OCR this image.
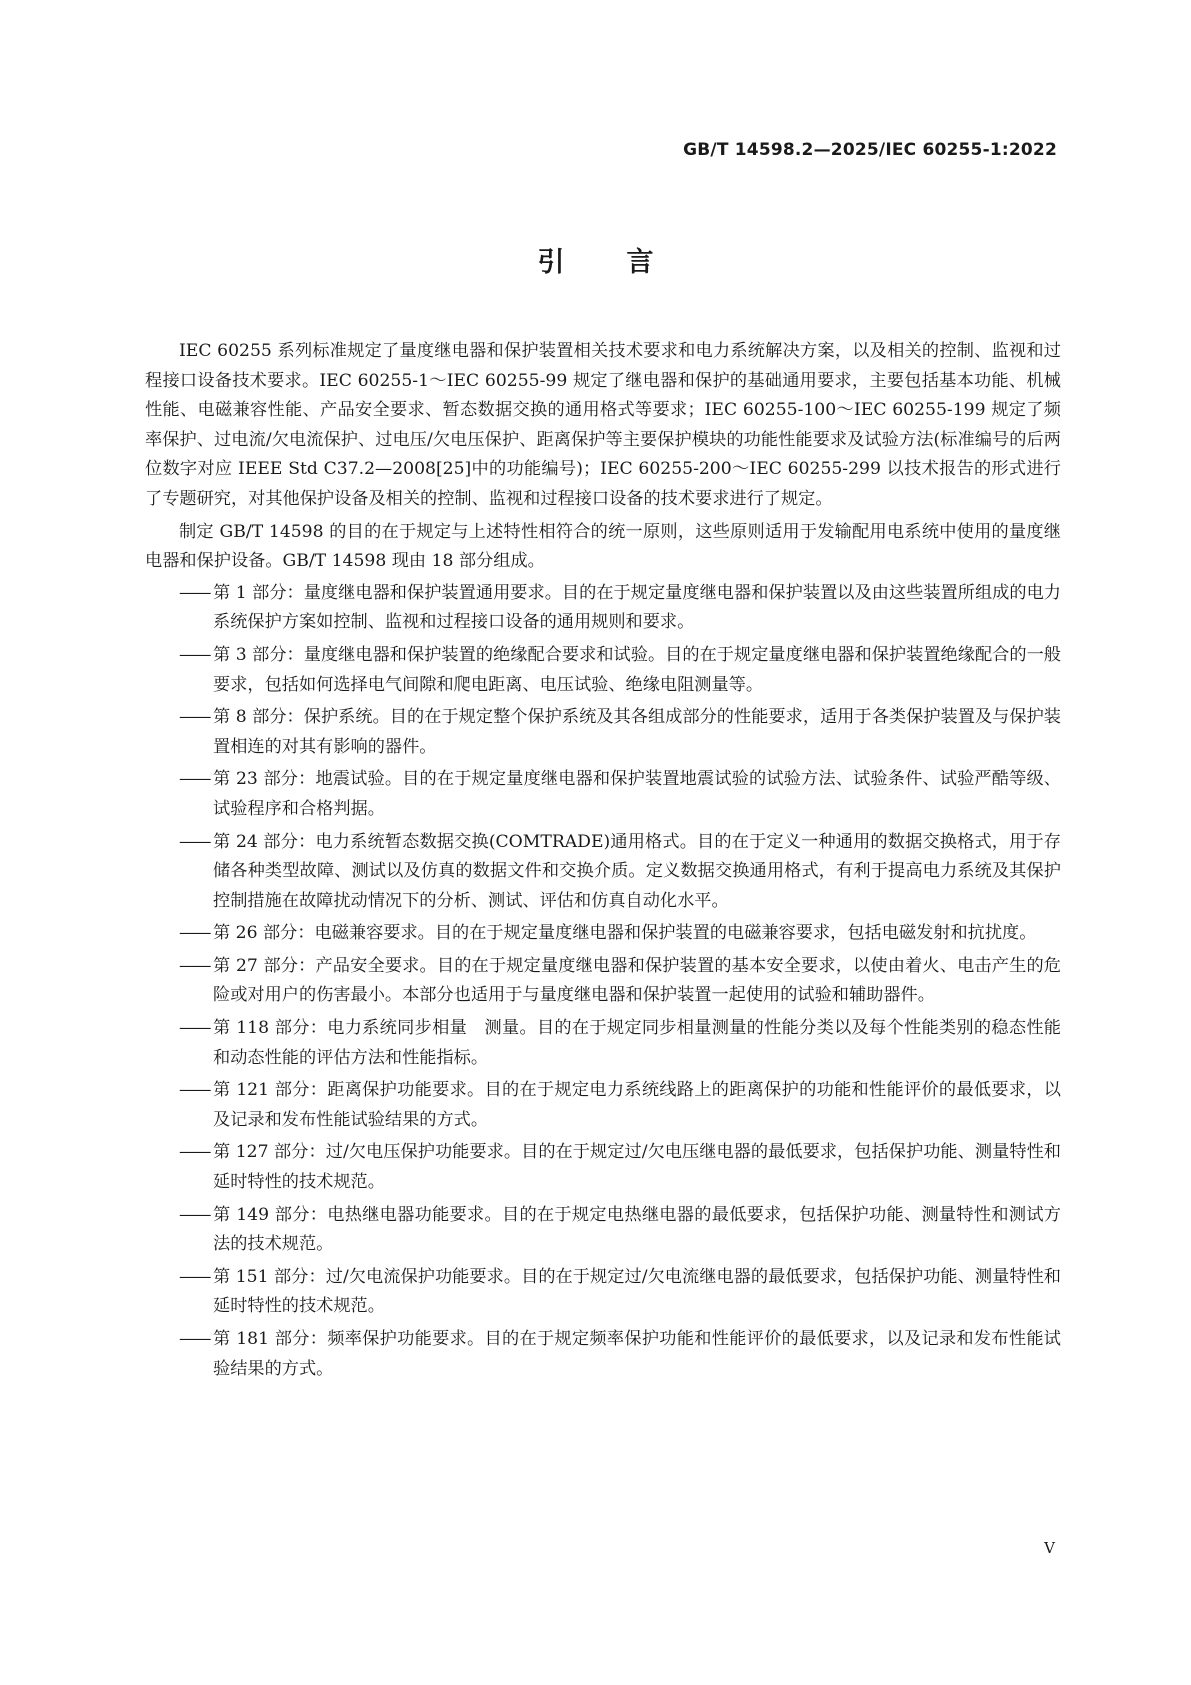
GB/T 14598.2—2025/IEC 60255-1:2022
引言

IEC 60255 系列标准规定了量度继电器和保护装置相关技术要求和电力系统解决方案，以及相关的控制、监视和过程接口设备技术要求。IEC 60255-1～IEC 60255-99 规定了继电器和保护的基础通用要求，主要包括基本功能、机械性能、电磁兼容性能、产品安全要求、暂态数据交换的通用格式等要求；IEC 60255-100～IEC 60255-199 规定了频率保护、过电流/欠电流保护、过电压/欠电压保护、距离保护等主要保护模块的功能性能要求及试验方法(标准编号的后两位数字对应 IEEE Std C37.2—2008[25]中的功能编号)；IEC 60255-200～IEC 60255-299 以技术报告的形式进行了专题研究，对其他保护设备及相关的控制、监视和过程接口设备的技术要求进行了规定。

制定 GB/T 14598 的目的在于规定与上述特性相符合的统一原则，这些原则适用于发输配用电系统中使用的量度继电器和保护设备。GB/T 14598 现由 18 部分组成。

—— 第 1 部分：量度继电器和保护装置通用要求。目的在于规定量度继电器和保护装置以及由这些装置所组成的电力系统保护方案如控制、监视和过程接口设备的通用规则和要求。
—— 第 3 部分：量度继电器和保护装置的绝缘配合要求和试验。目的在于规定量度继电器和保护装置绝缘配合的一般要求，包括如何选择电气间隙和爬电距离、电压试验、绝缘电阻测量等。
—— 第 8 部分：保护系统。目的在于规定整个保护系统及其各组成部分的性能要求，适用于各类保护装置及与保护装置相连的对其有影响的器件。
—— 第 23 部分：地震试验。目的在于规定量度继电器和保护装置地震试验的试验方法、试验条件、试验严酷等级、试验程序和合格判据。
—— 第 24 部分：电力系统暂态数据交换(COMTRADE)通用格式。目的在于定义一种通用的数据交换格式，用于存储各种类型故障、测试以及仿真的数据文件和交换介质。定义数据交换通用格式，有利于提高电力系统及其保护控制措施在故障扰动情况下的分析、测试、评估和仿真自动化水平。
—— 第 26 部分：电磁兼容要求。目的在于规定量度继电器和保护装置的电磁兼容要求，包括电磁发射和抗扰度。
—— 第 27 部分：产品安全要求。目的在于规定量度继电器和保护装置的基本安全要求，以使由着火、电击产生的危险或对用户的伤害最小。本部分也适用于与量度继电器和保护装置一起使用的试验和辅助器件。
—— 第 118 部分：电力系统同步相量　测量。目的在于规定同步相量测量的性能分类以及每个性能类别的稳态性能和动态性能的评估方法和性能指标。
—— 第 121 部分：距离保护功能要求。目的在于规定电力系统线路上的距离保护的功能和性能评价的最低要求，以及记录和发布性能试验结果的方式。
—— 第 127 部分：过/欠电压保护功能要求。目的在于规定过/欠电压继电器的最低要求，包括保护功能、测量特性和延时特性的技术规范。
—— 第 149 部分：电热继电器功能要求。目的在于规定电热继电器的最低要求，包括保护功能、测量特性和测试方法的技术规范。
—— 第 151 部分：过/欠电流保护功能要求。目的在于规定过/欠电流继电器的最低要求，包括保护功能、测量特性和延时特性的技术规范。
—— 第 181 部分：频率保护功能要求。目的在于规定频率保护功能和性能评价的最低要求，以及记录和发布性能试验结果的方式。
V
